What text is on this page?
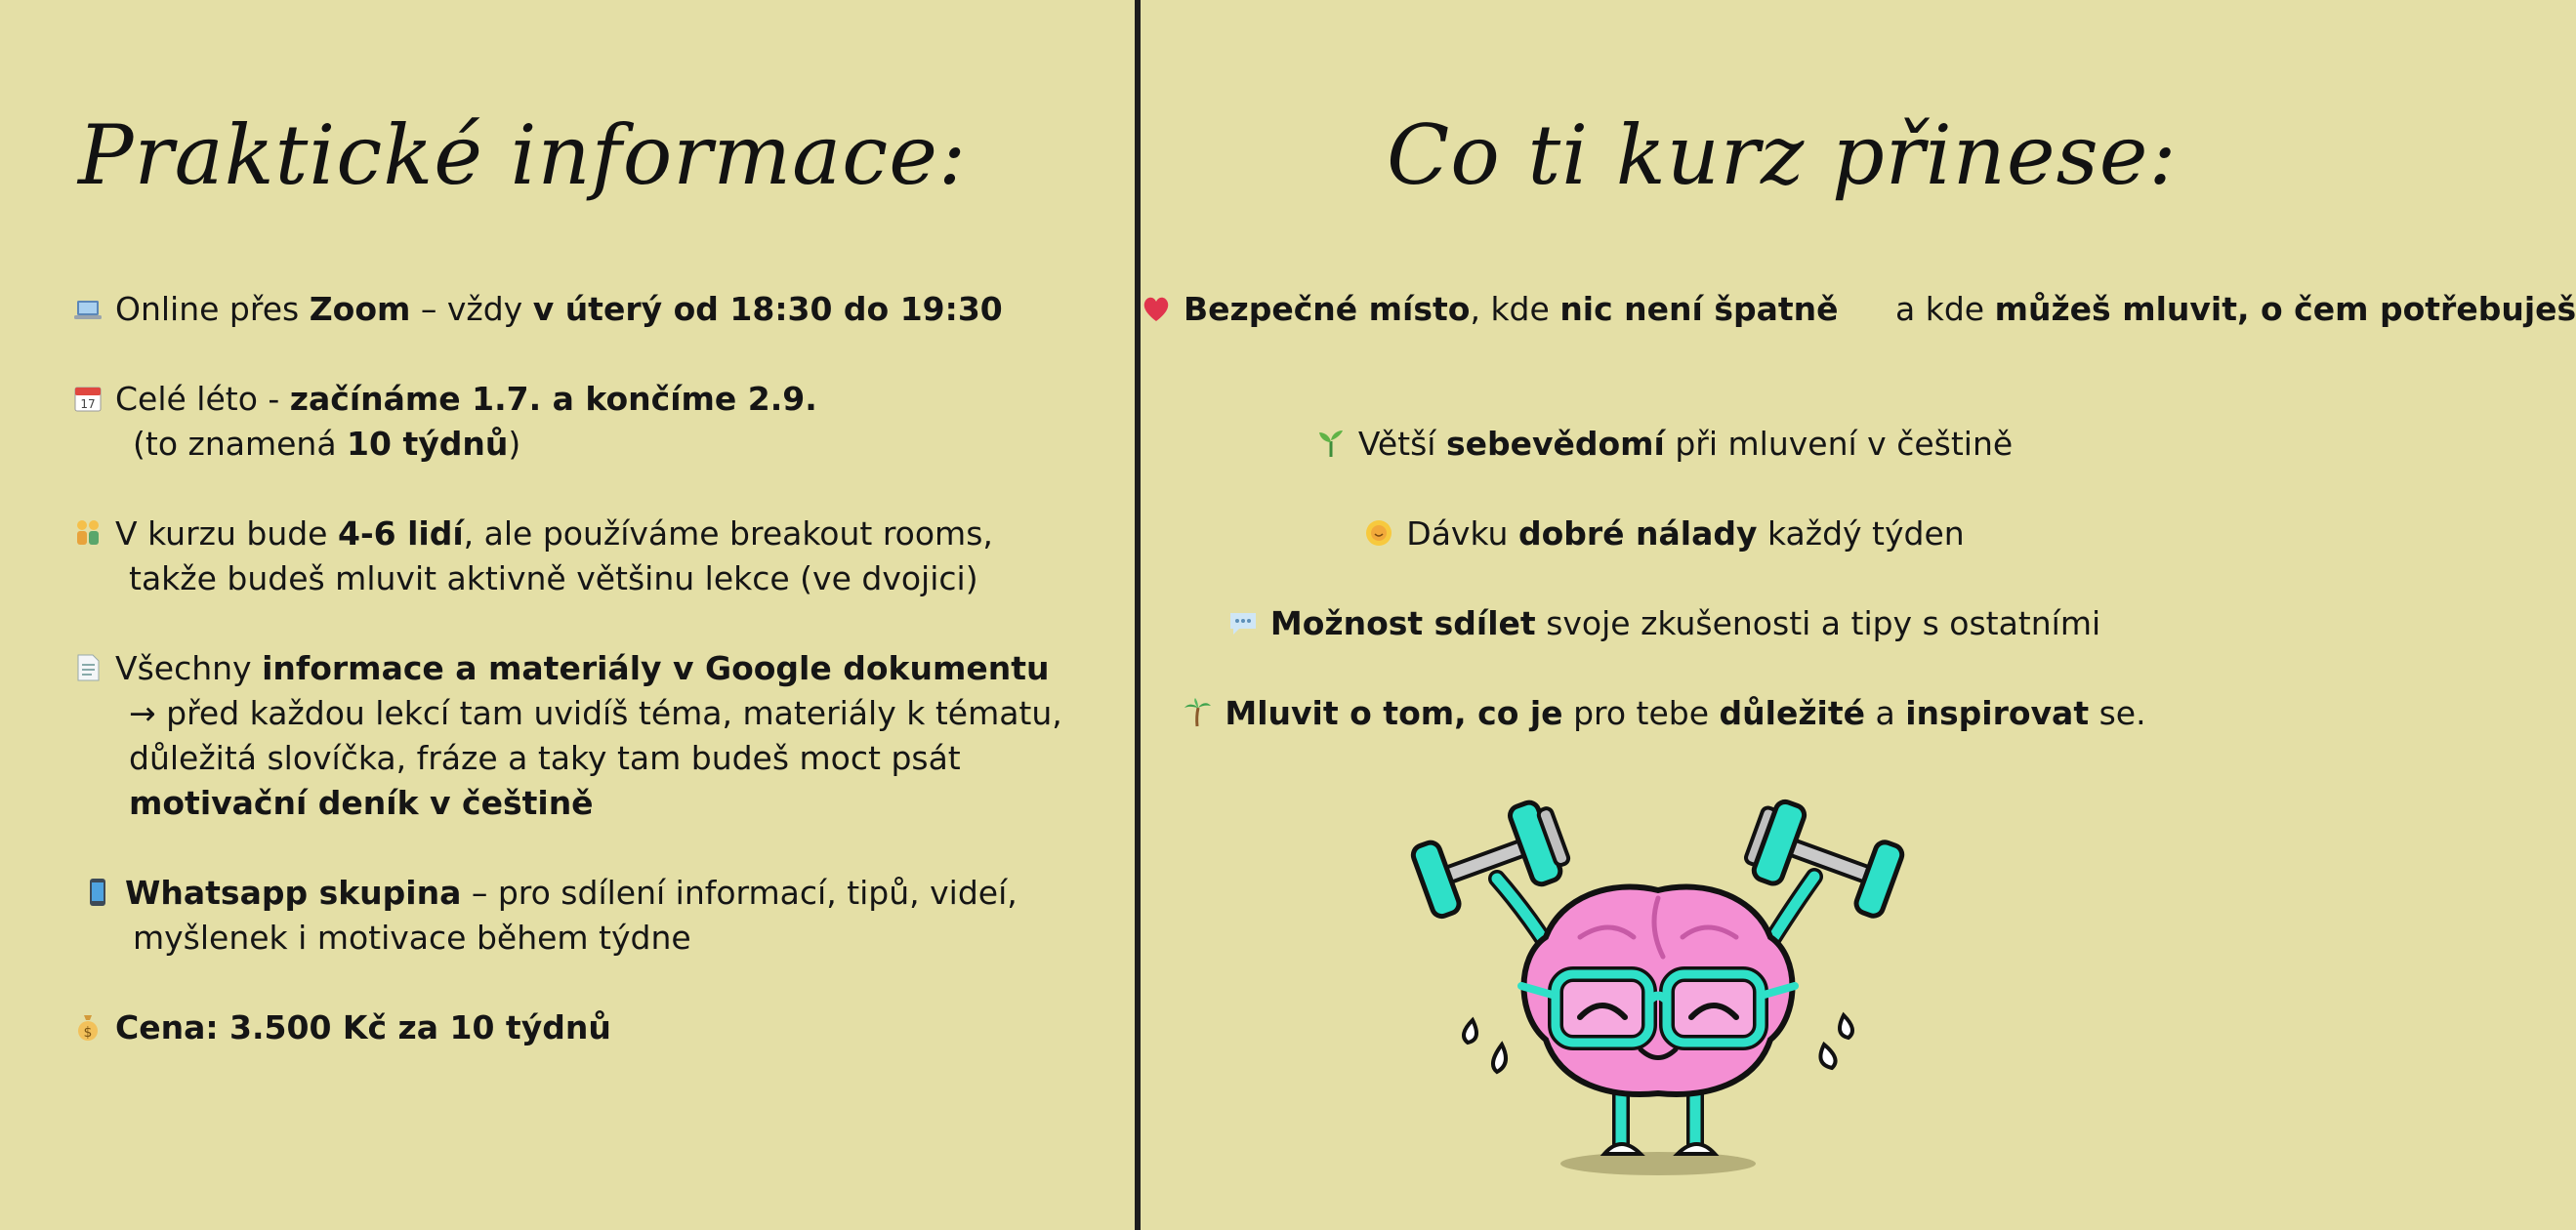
Praktické informace:
Online přes Zoom – vždy v úterý od 18:30 do 19:30
17 Celé léto - začínáme 1.7. a končíme 2.9.
(to znamená 10 týdnů)
V kurzu bude 4-6 lidí, ale používáme breakout rooms,
takže budeš mluvit aktivně většinu lekce (ve dvojici)
Všechny informace a materiály v Google dokumentu
→ před každou lekcí tam uvidíš téma, materiály k tématu,
důležitá slovíčka, fráze a taky tam budeš moct psát
motivační deník v češtině
Whatsapp skupina – pro sdílení informací, tipů, videí,
myšlenek i motivace během týdne
$ Cena: 3.500 Kč za 10 týdnů
Co ti kurz přinese:
Bezpečné místo, kde nic není špatně a kde můžeš mluvit, o čem potřebuješ
Větší sebevědomí při mluvení v češtině
Dávku dobré nálady každý týden
Možnost sdílet svoje zkušenosti a tipy s ostatními
Mluvit o tom, co je pro tebe důležité a inspirovat se.
